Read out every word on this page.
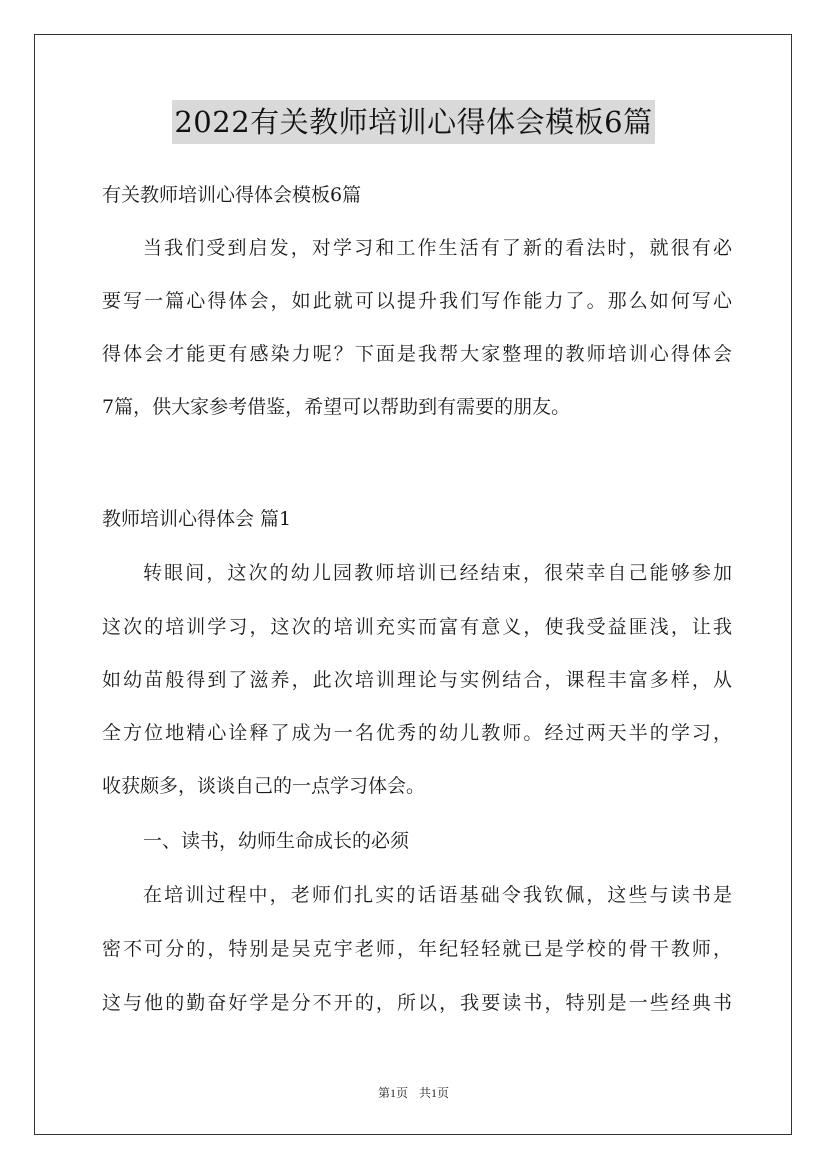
2022有关教师培训心得体会模板6篇
有关教师培训心得体会模板6篇
当我们受到启发，对学习和工作生活有了新的看法时，就很有必
要写一篇心得体会，如此就可以提升我们写作能力了。那么如何写心
得体会才能更有感染力呢？下面是我帮大家整理的教师培训心得体会
7篇，供大家参考借鉴，希望可以帮助到有需要的朋友。
教师培训心得体会 篇1
转眼间，这次的幼儿园教师培训已经结束，很荣幸自己能够参加
这次的培训学习，这次的培训充实而富有意义，使我受益匪浅，让我
如幼苗般得到了滋养，此次培训理论与实例结合，课程丰富多样，从
全方位地精心诠释了成为一名优秀的幼儿教师。经过两天半的学习，
收获颇多，谈谈自己的一点学习体会。
一、读书，幼师生命成长的必须
在培训过程中，老师们扎实的话语基础令我钦佩，这些与读书是
密不可分的，特别是吴克宇老师，年纪轻轻就已是学校的骨干教师，
这与他的勤奋好学是分不开的，所以，我要读书，特别是一些经典书
第1页 共1页
